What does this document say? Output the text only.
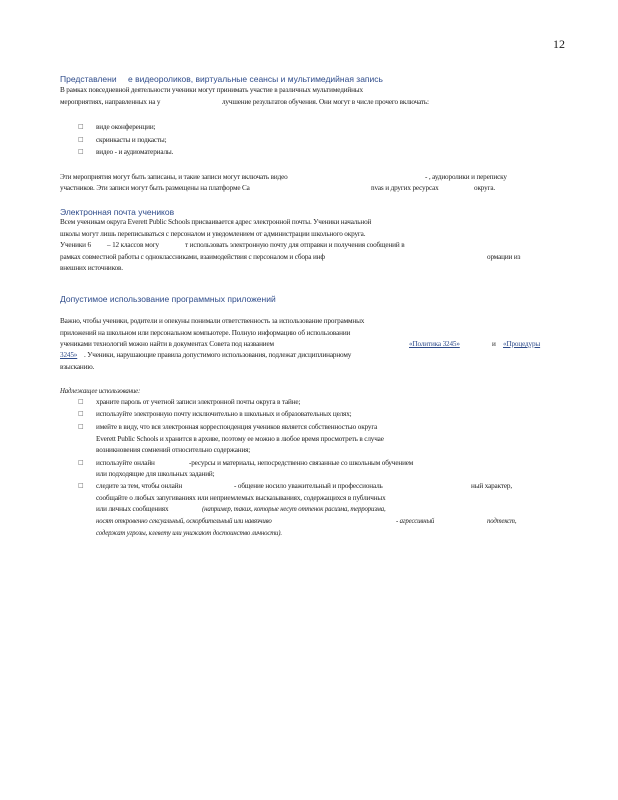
12
Представлени е видеороликов, виртуальные сеансы и мультимедийная запись
В рамках повседневной деятельности ученики могут принимать участие в различных мультимедийных
мероприятиях, направленных на у	лучшение результатов обучения. Они могут в числе прочего включать:
□ виде оконференции;
□ скринкасты и подкасты;
□ видео - и аудиоматериалы.
Эти мероприятия могут быть записаны, и такие записи могут включать видео	- , аудиоролики и переписку
участников. Эти записи могут быть размещены на платформе Ca	nvas и других ресурсах	округа.
Электронная почта учеников
Всем ученикам округа Everett Public Schools присваивается адрес электронной почты. Ученики начальной
школы могут лишь переписываться с персоналом и уведомлением от администрации школьного округа.
Ученики 6 – 12 классов могу	т использовать электронную почту для отправки и получения сообщений в
рамках совместной работы с одноклассниками, взаимодействия с персоналом и сбора инф	ормации из
внешних источников.
Допустимое использование программных приложений
Важно, чтобы ученики, родители и опекуны понимали ответственность за использование программных
приложений на школьном или персональном компьютере. Полную информацию об использовании
учениками технологий можно найти в документах Совета под названием	«Политика 3245»	и «Процедуры
3245» . Ученики, нарушающие правила допустимого использования, подлежат дисциплинарному
взысканию.
Надлежащее использование:
□ храните пароль от учетной записи электронной почты округа в тайне;
□ используйте электронную почту исключительно в школьных и образовательных целях;
□ имейте в виду, что вся электронная корреспонденция учеников является собственностью округа
Everett Public Schools и хранится в архиве, поэтому ее можно в любое время просмотреть в случае
возникновения сомнений относительно содержания;
□ используйте онлайн	-ресурсы и материалы, непосредственно связанные со школьным обучением
или подходящие для школьных заданий;
□ следите за тем, чтобы онлайн	- общение носило уважительный и профессиональ	ный характер,
сообщайте о любых запугиваниях или неприемлемых высказываниях, содержащихся в публичных
или личных сообщениях	(например, таких, которые несут оттенок расизма, терроризма,
носят откровенно сексуальный, оскорбительный или навязчиво	- агрессивный	подтекст,
содержат угрозы, клевету или унижают достоинство личности).
